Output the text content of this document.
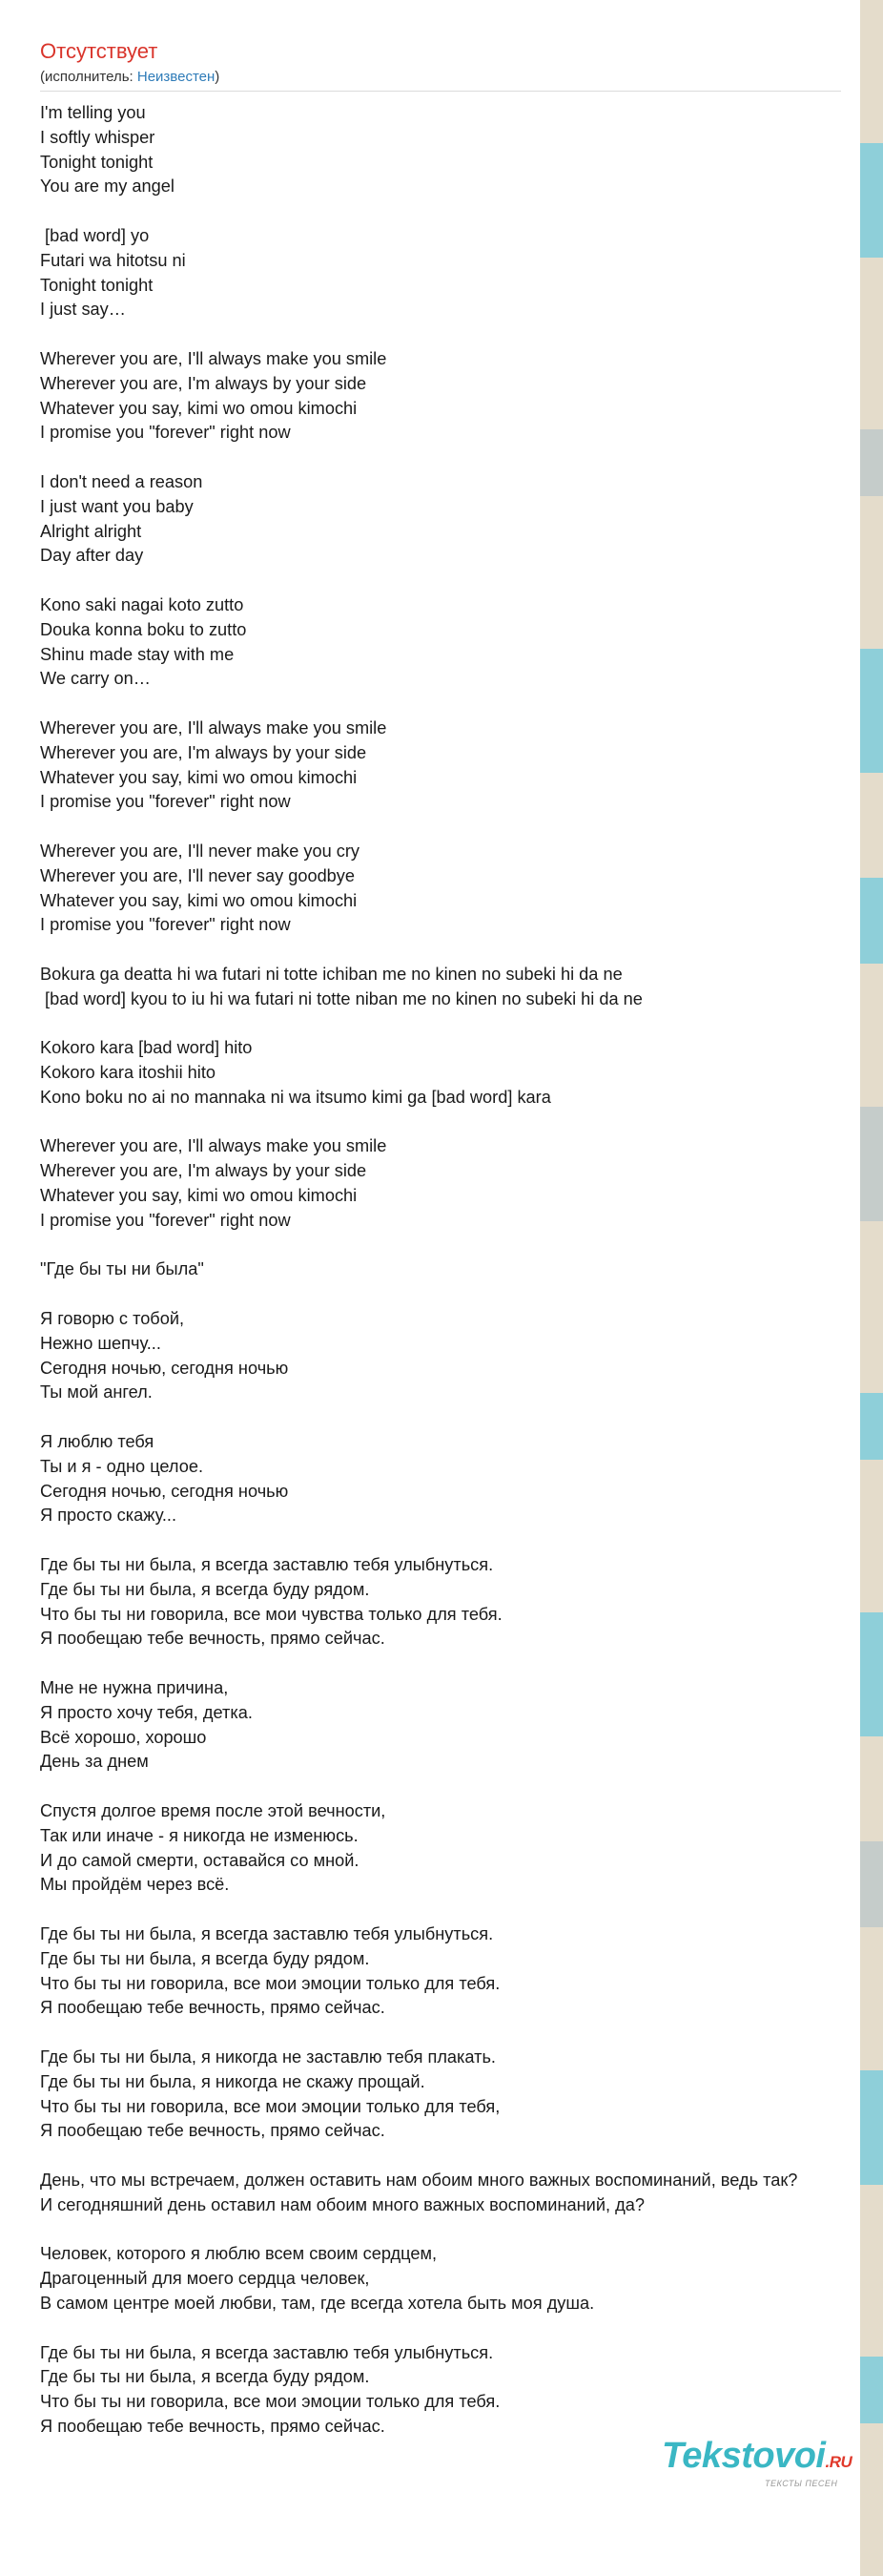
Отсутствует
(исполнитель: Неизвестен)
I'm telling you
I softly whisper
Tonight tonight
You are my angel
[bad word] yo
Futari wa hitotsu ni
Tonight tonight
I just say…
Wherever you are, I'll always make you smile
Wherever you are, I'm always by your side
Whatever you say, kimi wo omou kimochi
I promise you "forever" right now
I don't need a reason
I just want you baby
Alright alright
Day after day
Kono saki nagai koto zutto
Douka konna boku to zutto
Shinu made stay with me
We carry on…
Wherever you are, I'll always make you smile
Wherever you are, I'm always by your side
Whatever you say, kimi wo omou kimochi
I promise you "forever" right now
Wherever you are, I'll never make you cry
Wherever you are, I'll never say goodbye
Whatever you say, kimi wo omou kimochi
I promise you "forever" right now
Bokura ga deatta hi wa futari ni totte ichiban me no kinen no subeki hi da ne
[bad word] kyou to iu hi wa futari ni totte niban me no kinen no subeki hi da ne
Kokoro kara [bad word] hito
Kokoro kara itoshii hito
Kono boku no ai no mannaka ni wa itsumo kimi ga [bad word] kara
Wherever you are, I'll always make you smile
Wherever you are, I'm always by your side
Whatever you say, kimi wo omou kimochi
I promise you "forever" right now
"Где бы ты ни была"
Я говорю с тобой,
Нежно шепчу...
Сегодня ночью, сегодня ночью
Ты мой ангел.
Я люблю тебя
Ты и я - одно целое.
Сегодня ночью, сегодня ночью
Я просто скажу...
Где бы ты ни была, я всегда заставлю тебя улыбнуться.
Где бы ты ни была, я всегда буду рядом.
Что бы ты ни говорила, все мои чувства только для тебя.
Я пообещаю тебе вечность, прямо сейчас.
Мне не нужна причина,
Я просто хочу тебя, детка.
Всё хорошо, хорошо
День за днем
Спустя долгое время после этой вечности,
Так или иначе - я никогда не изменюсь.
И до самой смерти, оставайся со мной.
Мы пройдём через всё.
Где бы ты ни была, я всегда заставлю тебя улыбнуться.
Где бы ты ни была, я всегда буду рядом.
Что бы ты ни говорила, все мои эмоции только для тебя.
Я пообещаю тебе вечность, прямо сейчас.
Где бы ты ни была, я никогда не заставлю тебя плакать.
Где бы ты ни была, я никогда не скажу прощай.
Что бы ты ни говорила, все мои эмоции только для тебя,
Я пообещаю тебе вечность, прямо сейчас.
День, что мы встречаем, должен оставить нам обоим много важных воспоминаний, ведь так?
И сегодняшний день оставил нам обоим много важных воспоминаний, да?
Человек, которого я люблю всем своим сердцем,
Драгоценный для моего сердца человек,
В самом центре моей любви, там, где всегда хотела быть моя душа.
Где бы ты ни была, я всегда заставлю тебя улыбнуться.
Где бы ты ни была, я всегда буду рядом.
Что бы ты ни говорила, все мои эмоции только для тебя.
Я пообещаю тебе вечность, прямо сейчас.
Tekstovoi.RU
ТЕКСТЫ ПЕСЕН
